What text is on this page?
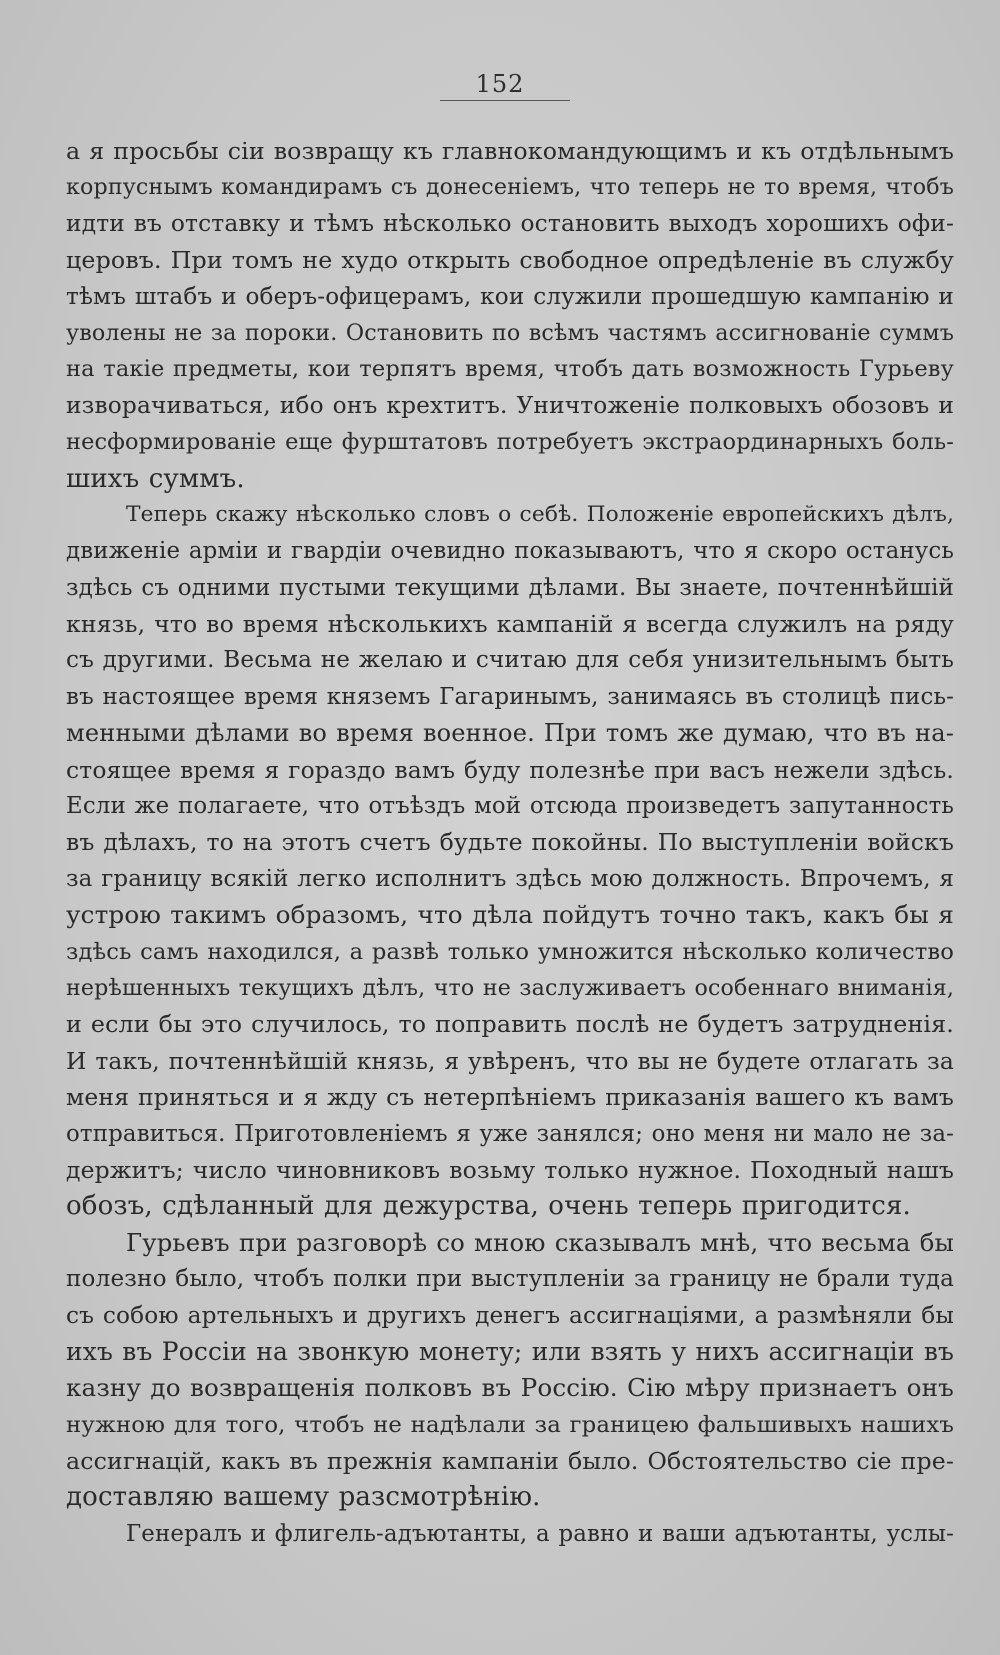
152
а я просьбы сіи возвращу къ главнокомандующимъ и къ отдѣльнымъ
корпуснымъ командирамъ съ донесеніемъ, что теперь не то время, чтобъ
идти въ отставку и тѣмъ нѣсколько остановить выходъ хорошихъ офи-
церовъ. При томъ не худо открыть свободное опредѣленіе въ службу
тѣмъ штабъ и оберъ-офицерамъ, кои служили прошедшую кампанію и
уволены не за пороки. Остановить по всѣмъ частямъ ассигнованіе суммъ
на такіе предметы, кои терпятъ время, чтобъ дать возможность Гурьеву
изворачиваться, ибо онъ крехтитъ. Уничтоженіе полковыхъ обозовъ и
несформированіе еще фурштатовъ потребуетъ экстраординарныхъ боль-
шихъ суммъ.
Теперь скажу нѣсколько словъ о себѣ. Положеніе европейскихъ дѣлъ,
движеніе арміи и гвардіи очевидно показываютъ, что я скоро останусь
здѣсь съ одними пустыми текущими дѣлами. Вы знаете, почтеннѣйшій
князь, что во время нѣсколькихъ кампаній я всегда служилъ на ряду
съ другими. Весьма не желаю и считаю для себя унизительнымъ быть
въ настоящее время княземъ Гагаринымъ, занимаясь въ столицѣ пись-
менными дѣлами во время военное. При томъ же думаю, что въ на-
стоящее время я гораздо вамъ буду полезнѣе при васъ нежели здѣсь.
Если же полагаете, что отъѣздъ мой отсюда произведетъ запутанность
въ дѣлахъ, то на этотъ счетъ будьте покойны. По выступленіи войскъ
за границу всякій легко исполнитъ здѣсь мою должность. Впрочемъ, я
устрою такимъ образомъ, что дѣла пойдутъ точно такъ, какъ бы я
здѣсь самъ находился, а развѣ только умножится нѣсколько количество
нерѣшенныхъ текущихъ дѣлъ, что не заслуживаетъ особеннаго вниманія,
и если бы это случилось, то поправить послѣ не будетъ затрудненія.
И такъ, почтеннѣйшій князь, я увѣренъ, что вы не будете отлагать за
меня приняться и я жду съ нетерпѣніемъ приказанія вашего къ вамъ
отправиться. Приготовленіемъ я уже занялся; оно меня ни мало не за-
держитъ; число чиновниковъ возьму только нужное. Походный нашъ
обозъ, сдѣланный для дежурства, очень теперь пригодится.
Гурьевъ при разговорѣ со мною сказывалъ мнѣ, что весьма бы
полезно было, чтобъ полки при выступленіи за границу не брали туда
съ собою артельныхъ и другихъ денегъ ассигнаціями, а размѣняли бы
ихъ въ Россіи на звонкую монету; или взять у нихъ ассигнаціи въ
казну до возвращенія полковъ въ Россію. Сію мѣру признаетъ онъ
нужною для того, чтобъ не надѣлали за границею фальшивыхъ нашихъ
ассигнацій, какъ въ прежнія кампаніи было. Обстоятельство сіе пре-
доставляю вашему разсмотрѣнію.
Генералъ и флигель-адъютанты, а равно и ваши адъютанты, услы-
